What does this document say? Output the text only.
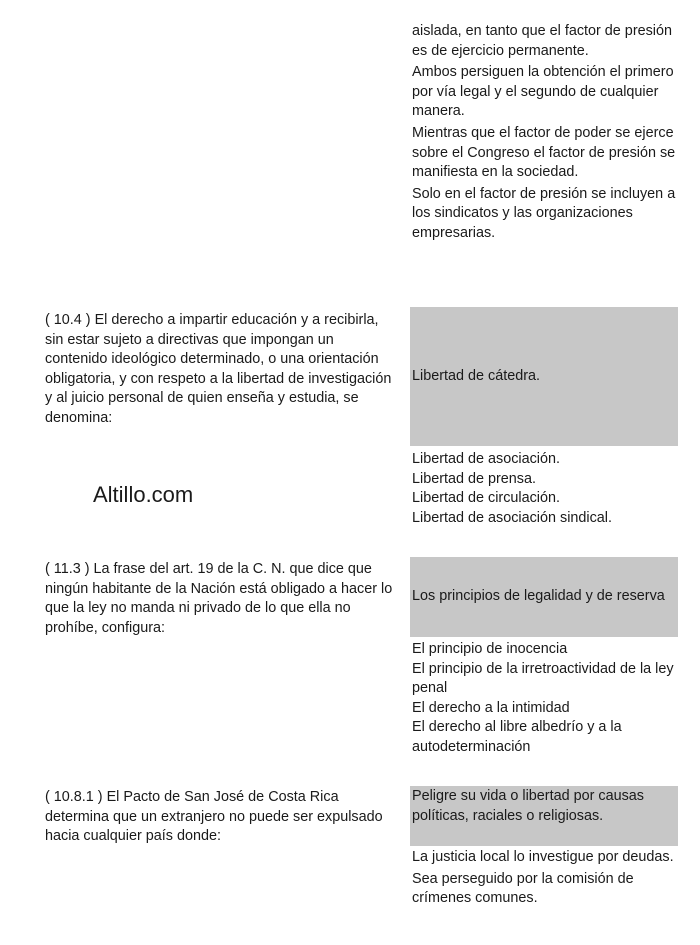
aislada, en tanto que el factor de presión es de ejercicio permanente.
Ambos persiguen la obtención el primero por vía legal y el segundo de cualquier manera.
Mientras que el factor de poder se ejerce sobre el Congreso el factor de presión se manifiesta en la sociedad.
Solo en el factor de presión se incluyen a los sindicatos y las organizaciones empresarias.
( 10.4 ) El derecho a impartir educación y a recibirla, sin estar sujeto a directivas que impongan un contenido ideológico determinado, o una orientación obligatoria, y con respeto a la libertad de investigación y al juicio personal de quien enseña y estudia, se denomina:
Libertad de cátedra.
Libertad de asociación.
Libertad de prensa.
Libertad de circulación.
Libertad de asociación sindical.
Altillo.com
( 11.3 ) La frase del art. 19 de la C. N. que dice que ningún habitante de la Nación está obligado a hacer lo que la ley no manda ni privado de lo que ella no prohíbe, configura:
Los principios de legalidad y de reserva
El principio de inocencia
El principio de la irretroactividad de la ley penal
El derecho a la intimidad
El derecho al libre albedrío y a la autodeterminación
( 10.8.1 ) El Pacto de San José de Costa Rica determina que un extranjero no puede ser expulsado hacia cualquier país donde:
Peligre su vida o libertad por causas políticas, raciales o religiosas.
La justicia local lo investigue por deudas.
Sea perseguido por la comisión de crímenes comunes.
